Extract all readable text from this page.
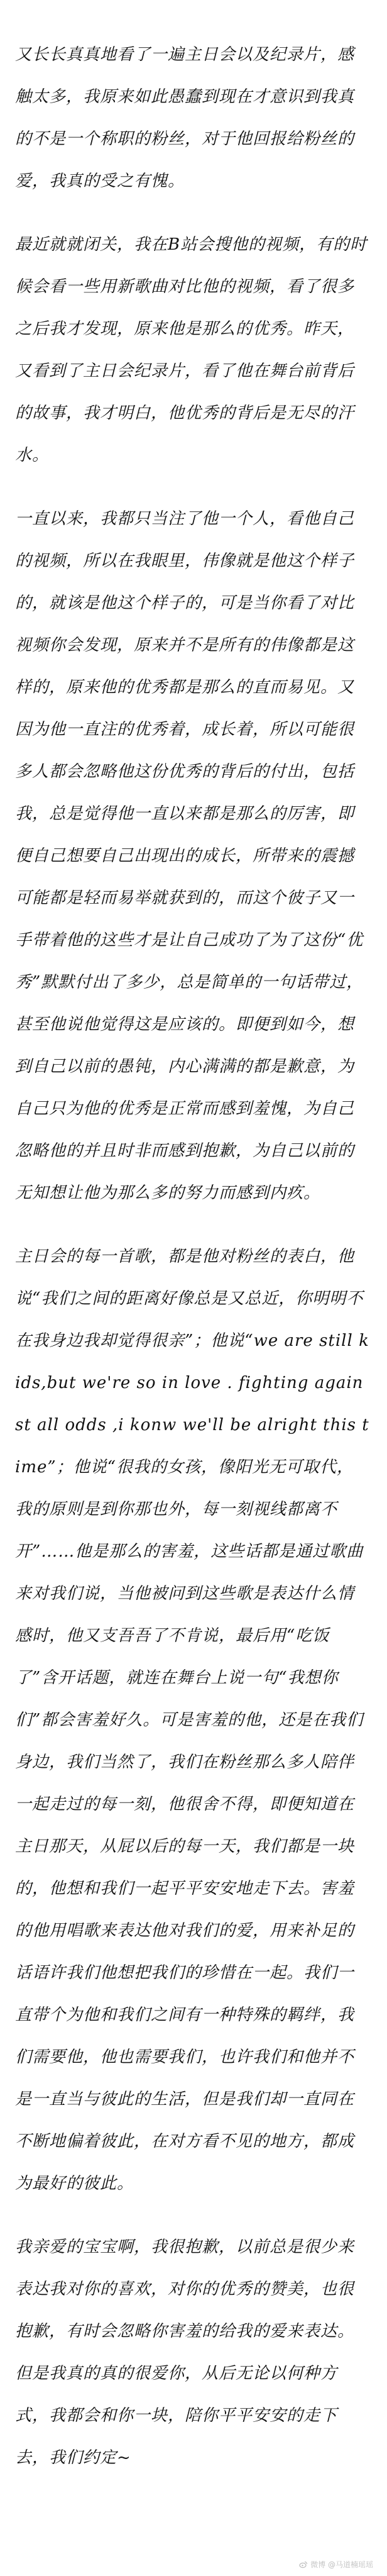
又长长真真地看了一遍主日会以及纪录片，感触太多，我原来如此愚蠢到现在才意识到我真的不是一个称职的粉丝，对于他回报给粉丝的爱，我真的受之有愧。

最近就就闭关，我在B站会搜他的视频，有的时候会看一些用新歌曲对比他的视频，看了很多之后我才发现，原来他是那么的优秀。昨天，又看到了主日会纪录片，看了他在舞台前背后的故事，我才明白，他优秀的背后是无尽的汗水。

一直以来，我都只当注了他一个人，看他自己的视频，所以在我眼里，伟像就是他这个样子的，就该是他这个样子的，可是当你看了对比视频你会发现，原来并不是所有的伟像都是这样的，原来他的优秀都是那么的直而易见。又因为他一直注的优秀着，成长着，所以可能很多人都会忽略他这份优秀的背后的付出，包括我，总是觉得他一直以来都是那么的厉害，即便自己想要自己出现出的成长，所带来的震撼可能都是轻而易举就获到的，而这个彼子又一手带着他的这些才是让自己成功了为了这份“优秀”默默付出了多少，总是简单的一句话带过，甚至他说他觉得这是应该的。即便到如今，想到自己以前的愚钝，内心满满的都是歉意，为自己只为他的优秀是正常而感到羞愧，为自己忽略他的并且时非而感到抱歉，为自己以前的无知想让他为那么多的努力而感到内疚。

主日会的每一首歌，都是他对粉丝的表白，他说“我们之间的距离好像总是又总近，你明明不在我身边我却觉得很亲”；他说“we are still kids,but we're so in love . fighting against all odds ,i konw we'll be alright this time”；他说“很我的女孩，像阳光无可取代，我的原则是到你那也外，每一刻视线都离不开”……他是那么的害羞，这些话都是通过歌曲来对我们说，当他被问到这些歌是表达什么情感时，他又支吾吾了不肯说，最后用“吃饭了”含开话题，就连在舞台上说一句“我想你们”都会害羞好久。可是害羞的他，还是在我们身边，我们当然了，我们在粉丝那么多人陪伴一起走过的每一刻，他很舍不得，即便知道在主日那天，从屁以后的每一天，我们都是一块的，他想和我们一起平平安安地走下去。害羞的他用唱歌来表达他对我们的爱，用来补足的话语许我们他想把我们的珍惜在一起。我们一直带个为他和我们之间有一种特殊的羁绊，我们需要他，他也需要我们，也许我们和他并不是一直当与彼此的生活，但是我们却一直同在不断地偏着彼此，在对方看不见的地方，都成为最好的彼此。

我亲爱的宝宝啊，我很抱歉，以前总是很少来表达我对你的喜欢，对你的优秀的赞美，也很抱歉，有时会忽略你害羞的给我的爱来表达。但是我真的真的很爱你，从后无论以何种方式，我都会和你一块，陪你平平安安的走下去，我们约定~

微博 @马道楠瑶瑶
